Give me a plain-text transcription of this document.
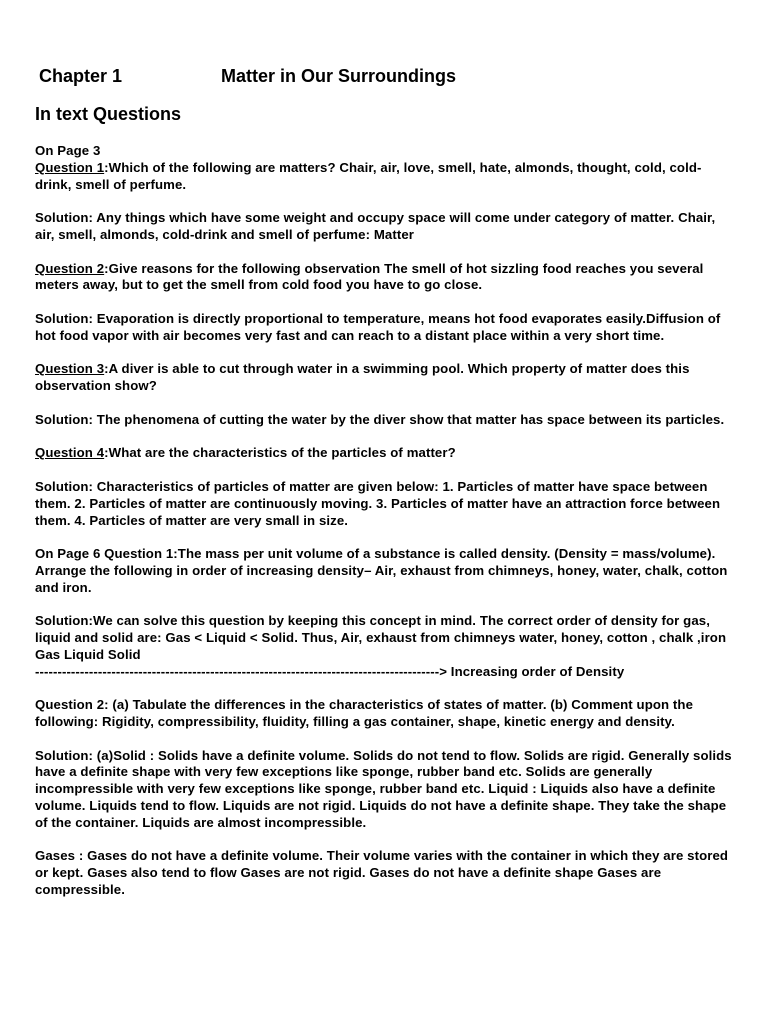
Chapter 1	Matter in Our Surroundings
In text Questions
On Page 3

Question 1:Which of the following are matters? Chair, air, love, smell, hate, almonds, thought, cold, cold-drink, smell of perfume.

Solution: Any things which have some weight and occupy space will come under category of matter. Chair, air, smell, almonds, cold-drink and smell of perfume: Matter

Question 2:Give reasons for the following observation The smell of hot sizzling food reaches you several meters away, but to get the smell from cold food you have to go close.

Solution: Evaporation is directly proportional to temperature, means hot food evaporates easily.Diffusion of hot food vapor with air becomes very fast and can reach to a distant place within a very short time.

Question 3:A diver is able to cut through water in a swimming pool. Which property of matter does this observation show?

Solution: The phenomena of cutting the water by the diver show that matter has space between its particles.

Question 4:What are the characteristics of the particles of matter?

Solution: Characteristics of particles of matter are given below: 1. Particles of matter have space between them. 2. Particles of matter are continuously moving. 3. Particles of matter have an attraction force between them. 4. Particles of matter are very small in size.

On Page 6 Question 1:The mass per unit volume of a substance is called density. (Density = mass/volume). Arrange the following in order of increasing density– Air, exhaust from chimneys, honey, water, chalk, cotton and iron.

Solution:We can solve this question by keeping this concept in mind. The correct order of density for gas, liquid and solid are: Gas < Liquid < Solid. Thus, Air, exhaust from chimneys water, honey, cotton , chalk ,iron Gas Liquid Solid

------------------------------------------------------------------------------------------> Increasing order of Density

Question 2: (a) Tabulate the differences in the characteristics of states of matter. (b) Comment upon the following: Rigidity, compressibility, fluidity, filling a gas container, shape, kinetic energy and density.

Solution: (a)Solid : Solids have a definite volume. Solids do not tend to flow. Solids are rigid. Generally solids have a definite shape with very few exceptions like sponge, rubber band etc. Solids are generally incompressible with very few exceptions like sponge, rubber band etc. Liquid : Liquids also have a definite volume. Liquids tend to flow. Liquids are not rigid. Liquids do not have a definite shape. They take the shape of the container. Liquids are almost incompressible.

Gases : Gases do not have a definite volume. Their volume varies with the container in which they are stored or kept. Gases also tend to flow Gases are not rigid. Gases do not have a definite shape Gases are compressible.
